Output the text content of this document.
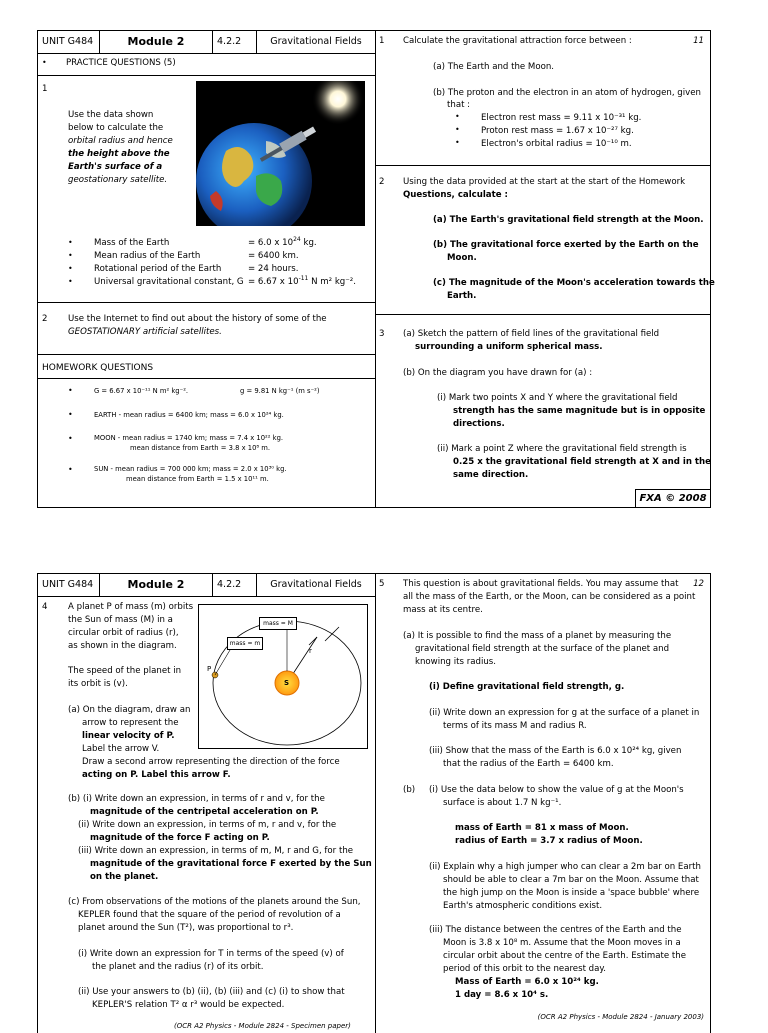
UNIT G484	Module 2	4.2.2	Gravitational Fields
• PRACTICE QUESTIONS (5)
1
Use the data shown
below to calculate the
orbital radius and hence
the height above the
Earth's surface of a
geostationary satellite.
• Mass of the Earth	= 6.0 x $10^{24}$ kg.
• Mean radius of the Earth	= 6400 km.
• Rotational period of the Earth	= 24 hours.
• Universal gravitational constant, G = 6.67 x $10^{-11}$ N m² kg⁻².
2 Use the Internet to find out about the history of some of the
GEOSTATIONARY artificial satellites.
HOMEWORK QUESTIONS
•	G = 6.67 x 10⁻¹¹ N m² kg⁻².	g = 9.81 N kg⁻¹ (m s⁻²)
•	EARTH - mean radius = 6400 km; mass = 6.0 x 10²⁴ kg.
•	MOON - mean radius = 1740 km; mass = 7.4 x 10²² kg.
mean distance from Earth = 3.8 x 10⁸ m.
•	SUN - mean radius = 700 000 km; mass = 2.0 x 10³⁰ kg.
mean distance from Earth = 1.5 x 10¹¹ m.
1 Calculate the gravitational attraction force between :	11
(a) The Earth and the Moon.
(b) The proton and the electron in an atom of hydrogen, given
that :
• Electron rest mass = 9.11 x 10⁻³¹ kg.
• Proton rest mass = 1.67 x 10⁻²⁷ kg.
• Electron's orbital radius = 10⁻¹⁰ m.
2 Using the data provided at the start at the start of the Homework
Questions, calculate :
(a) The Earth's gravitational field strength at the Moon.
(b) The gravitational force exerted by the Earth on the
Moon.
(c) The magnitude of the Moon's acceleration towards the
Earth.
3 (a) Sketch the pattern of field lines of the gravitational field
surrounding a uniform spherical mass.
(b) On the diagram you have drawn for (a) :
(i) Mark two points X and Y where the gravitational field
strength has the same magnitude but is in opposite
directions.
(ii) Mark a point Z where the gravitational field strength is
0.25 x the gravitational field strength at X and in the
same direction.
FXA © 2008
UNIT G484	Module 2	4.2.2	Gravitational Fields
4 A planet P of mass (m) orbits
the Sun of mass (M) in a
circular orbit of radius (r),
as shown in the diagram.
The speed of the planet in
its orbit is (v).
(a) On the diagram, draw an
arrow to represent the
linear velocity of P.
Label the arrow V.
Draw a second arrow representing the direction of the force
acting on P. Label this arrow F.
mass = M
mass = m
r
P
S
(b) (i) Write down an expression, in terms of r and v, for the
magnitude of the centripetal acceleration on P.
(ii) Write down an expression, in terms of m, r and v, for the
magnitude of the force F acting on P.
(iii) Write down an expression, in terms of m, M, r and G, for the
magnitude of the gravitational force F exerted by the Sun
on the planet.
(c) From observations of the motions of the planets around the Sun,
KEPLER found that the square of the period of revolution of a
planet around the Sun (T²), was proportional to r³.
(i) Write down an expression for T in terms of the speed (v) of
the planet and the radius (r) of its orbit.
(ii) Use your answers to (b) (ii), (b) (iii) and (c) (i) to show that
KEPLER'S relation T² α r³ would be expected.
(OCR A2 Physics - Module 2824 - Specimen paper)
5	12
This question is about gravitational fields. You may assume that
all the mass of the Earth, or the Moon, can be considered as a point
mass at its centre.
(a) It is possible to find the mass of a planet by measuring the
gravitational field strength at the surface of the planet and
knowing its radius.
(i) Define gravitational field strength, g.
(ii) Write down an expression for g at the surface of a planet in
terms of its mass M and radius R.
(iii) Show that the mass of the Earth is 6.0 x 10²⁴ kg, given
that the radius of the Earth = 6400 km.
(b) (i) Use the data below to show the value of g at the Moon's
surface is about 1.7 N kg⁻¹.
mass of Earth = 81 x mass of Moon.
radius of Earth = 3.7 x radius of Moon.
(ii) Explain why a high jumper who can clear a 2m bar on Earth
should be able to clear a 7m bar on the Moon. Assume that
the high jump on the Moon is inside a 'space bubble' where
Earth's atmospheric conditions exist.
(iii) The distance between the centres of the Earth and the
Moon is 3.8 x 10⁸ m. Assume that the Moon moves in a
circular orbit about the centre of the Earth. Estimate the
period of this orbit to the nearest day.
Mass of Earth = 6.0 x 10²⁴ kg.
1 day = 8.6 x 10⁴ s.
(OCR A2 Physics - Module 2824 - January 2003)
